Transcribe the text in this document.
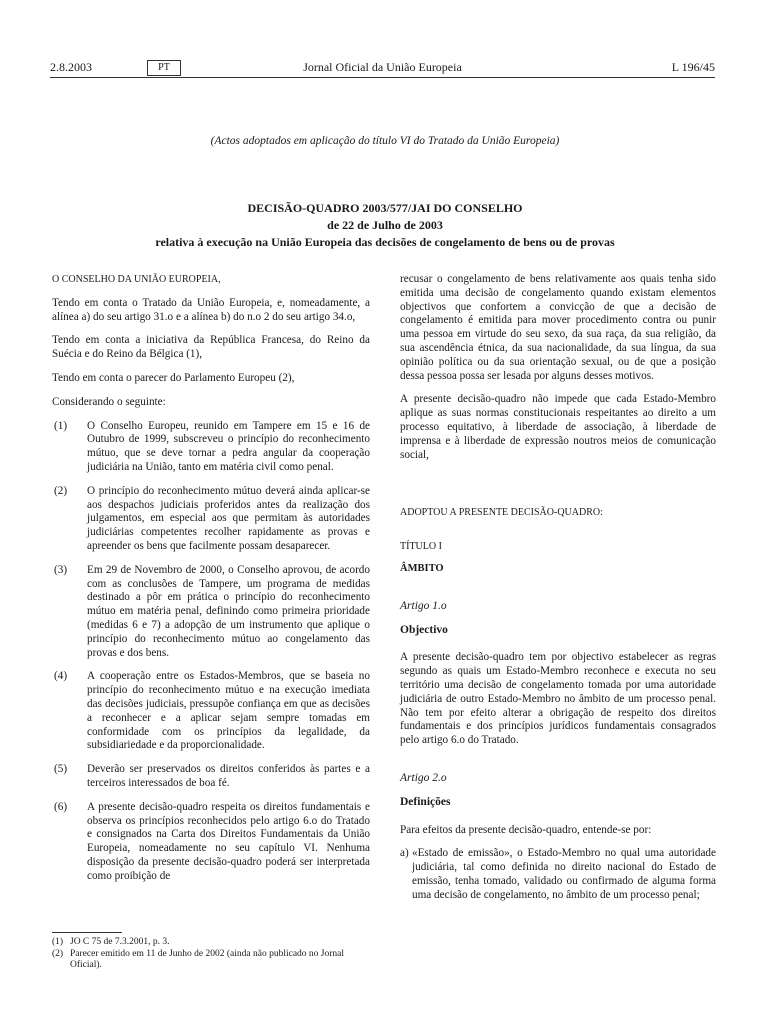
2.8.2003	PT	Jornal Oficial da União Europeia	L 196/45
(Actos adoptados em aplicação do título VI do Tratado da União Europeia)
DECISÃO-QUADRO 2003/577/JAI DO CONSELHO
de 22 de Julho de 2003
relativa à execução na União Europeia das decisões de congelamento de bens ou de provas

O CONSELHO DA UNIÃO EUROPEIA,

Tendo em conta o Tratado da União Europeia, e, nomeadamente, a alínea a) do seu artigo 31.o e a alínea b) do n.o 2 do seu artigo 34.o,

Tendo em conta a iniciativa da República Francesa, do Reino da Suécia e do Reino da Bélgica (1),

Tendo em conta o parecer do Parlamento Europeu (2),

Considerando o seguinte:

(1) O Conselho Europeu, reunido em Tampere em 15 e 16 de Outubro de 1999, subscreveu o princípio do reconhecimento mútuo, que se deve tornar a pedra angular da cooperação judiciária na União, tanto em matéria civil como penal.
(2) O princípio do reconhecimento mútuo deverá ainda aplicar-se aos despachos judiciais proferidos antes da realização dos julgamentos, em especial aos que permitam às autoridades judiciárias competentes recolher rapidamente as provas e apreender os bens que facilmente possam desaparecer.
(3) Em 29 de Novembro de 2000, o Conselho aprovou, de acordo com as conclusões de Tampere, um programa de medidas destinado a pôr em prática o princípio do reconhecimento mútuo em matéria penal, definindo como primeira prioridade (medidas 6 e 7) a adopção de um instrumento que aplique o princípio do reconhecimento mútuo ao congelamento das provas e dos bens.
(4) A cooperação entre os Estados-Membros, que se baseia no princípio do reconhecimento mútuo e na execução imediata das decisões judiciais, pressupõe confiança em que as decisões a reconhecer e a aplicar sejam sempre tomadas em conformidade com os princípios da legalidade, da subsidiariedade e da proporcionalidade.
(5) Deverão ser preservados os direitos conferidos às partes e a terceiros interessados de boa fé.
(6) A presente decisão-quadro respeita os direitos fundamentais e observa os princípios reconhecidos pelo artigo 6.o do Tratado e consignados na Carta dos Direitos Fundamentais da União Europeia, nomeadamente no seu capítulo VI. Nenhuma disposição da presente decisão-quadro poderá ser interpretada como proibição de
(1) JO C 75 de 7.3.2001, p. 3.
(2) Parecer emitido em 11 de Junho de 2002 (ainda não publicado no Jornal Oficial).

recusar o congelamento de bens relativamente aos quais tenha sido emitida uma decisão de congelamento quando existam elementos objectivos que confortem a convicção de que a decisão de congelamento é emitida para mover procedimento contra ou punir uma pessoa em virtude do seu sexo, da sua raça, da sua religião, da sua ascendência étnica, da sua nacionalidade, da sua língua, da sua opinião política ou da sua orientação sexual, ou de que a posição dessa pessoa possa ser lesada por alguns desses motivos.

A presente decisão-quadro não impede que cada Estado-Membro aplique as suas normas constitucionais respeitantes ao direito a um processo equitativo, à liberdade de associação, à liberdade de imprensa e à liberdade de expressão noutros meios de comunicação social,

ADOPTOU A PRESENTE DECISÃO-QUADRO:

TÍTULO I

ÂMBITO

Artigo 1.o

Objectivo

A presente decisão-quadro tem por objectivo estabelecer as regras segundo as quais um Estado-Membro reconhece e executa no seu território uma decisão de congelamento tomada por uma autoridade judiciária de outro Estado-Membro no âmbito de um processo penal. Não tem por efeito alterar a obrigação de respeito dos direitos fundamentais e dos princípios jurídicos fundamentais consagrados pelo artigo 6.o do Tratado.

Artigo 2.o

Definições

Para efeitos da presente decisão-quadro, entende-se por:

a) «Estado de emissão», o Estado-Membro no qual uma autoridade judiciária, tal como definida no direito nacional do Estado de emissão, tenha tomado, validado ou confirmado de alguma forma uma decisão de congelamento, no âmbito de um processo penal;
